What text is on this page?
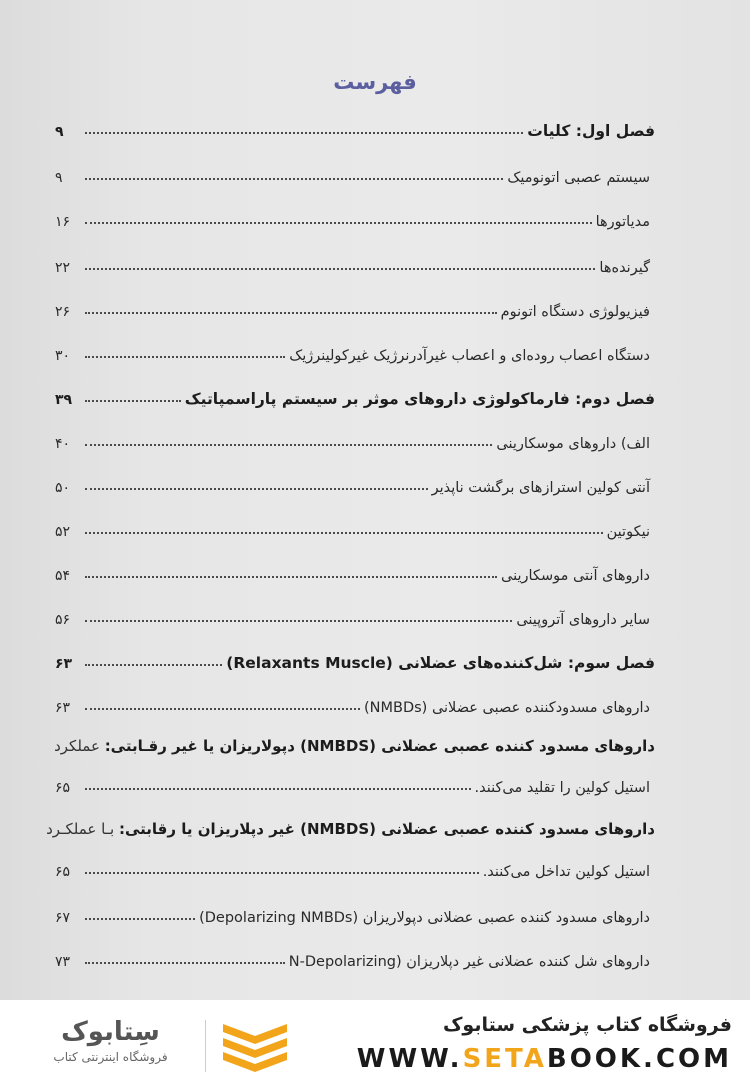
فهرست
فصل اول: کلیات
۹
سیستم عصبی اتونومیک
۹
مدیاتورها
۱۶
گیرنده‌ها
۲۲
فیزیولوژی دستگاه اتونوم
۲۶
دستگاه اعصاب روده‌ای و اعصاب غیرآدرنرژیک غیرکولینرژیک
۳۰
فصل دوم: فارماکولوژی داروهای موثر بر سیستم پاراسمپاتیک
۳۹
الف) داروهای موسکارینی
۴۰
آنتی کولین استرازهای برگشت ناپذیر
۵۰
نیکوتین
۵۲
داروهای آنتی موسکارینی
۵۴
سایر داروهای آتروپینی
۵۶
فصل سوم: شل‌کننده‌های عضلانی (Relaxants Muscle)
۶۳
داروهای مسدودکننده عصبی عضلانی (NMBDs)
۶۳
داروهای مسدود کننده عصبی عضلانی (NMBDS) دپولاریزان یا غیر رقـابتی: عملکرد
استیل کولین را تقلید می‌کنند.
۶۵
داروهای مسدود کننده عصبی عضلانی (NMBDS) غیر دپلاریزان یا رقابتی: بـا عملکـرد
استیل کولین تداخل می‌کنند.
۶۵
داروهای مسدود کننده عصبی عضلانی دپولاریزان (Depolarizing NMBDs)
۶۷
داروهای شل کننده عضلانی غیر دپلاریزان (N-Depolarizing
۷۳
سِتابوک
فروشگاه اینترنتی کتاب
فروشگاه کتاب پزشکی ستابوک
WWW.SETABOOK.COM
